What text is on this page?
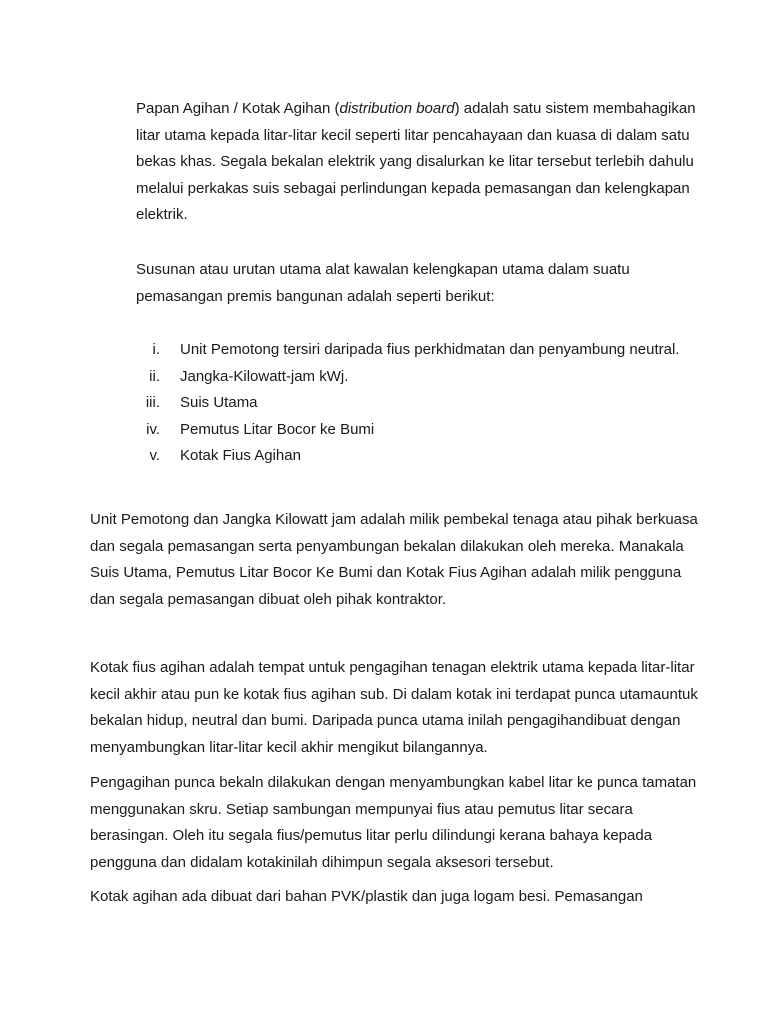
Papan Agihan / Kotak Agihan (distribution board) adalah satu sistem membahagikan litar utama kepada litar-litar kecil seperti litar pencahayaan dan kuasa di dalam satu bekas khas. Segala bekalan elektrik yang disalurkan ke litar tersebut terlebih dahulu melalui perkakas suis sebagai perlindungan kepada pemasangan dan kelengkapan elektrik.

Susunan atau urutan utama alat kawalan kelengkapan utama dalam suatu pemasangan premis bangunan adalah seperti berikut:

i. Unit Pemotong tersiri daripada fius perkhidmatan dan penyambung neutral.
ii. Jangka-Kilowatt-jam kWj.
iii. Suis Utama
iv. Pemutus Litar Bocor ke Bumi
v. Kotak Fius Agihan

Unit Pemotong dan Jangka Kilowatt jam adalah milik pembekal tenaga atau pihak berkuasa dan segala pemasangan serta penyambungan bekalan dilakukan oleh mereka. Manakala Suis Utama, Pemutus Litar Bocor Ke Bumi dan Kotak Fius Agihan adalah milik pengguna dan segala pemasangan dibuat oleh pihak kontraktor.

Kotak fius agihan adalah tempat untuk pengagihan tenagan elektrik utama kepada litar-litar kecil akhir atau pun ke kotak fius agihan sub. Di dalam kotak ini terdapat punca utamauntuk bekalan hidup, neutral dan bumi. Daripada punca utama inilah pengagihandibuat dengan menyambungkan litar-litar kecil akhir mengikut bilangannya.

Pengagihan punca bekaln dilakukan dengan menyambungkan kabel litar ke punca tamatan menggunakan skru. Setiap sambungan mempunyai fius atau pemutus litar secara berasingan. Oleh itu segala fius/pemutus litar perlu dilindungi kerana bahaya kepada pengguna dan didalam kotakinilah dihimpun segala aksesori tersebut.

Kotak agihan ada dibuat dari bahan PVK/plastik dan juga logam besi. Pemasangan
